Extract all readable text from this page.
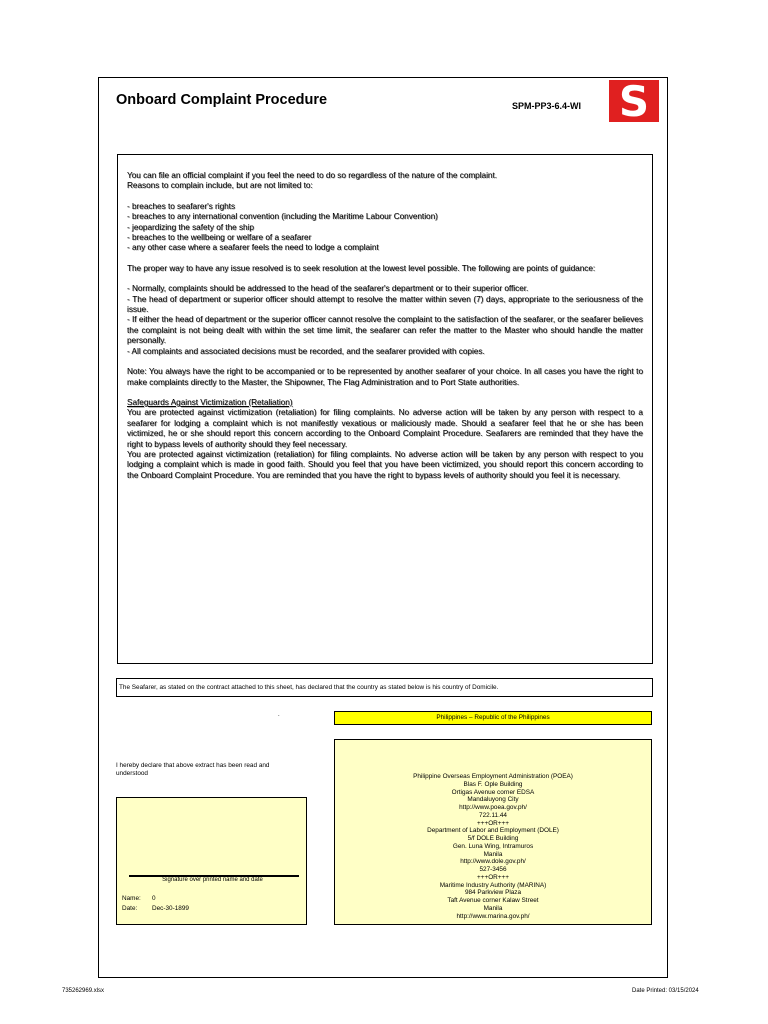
Onboard Complaint Procedure	SPM-PP3-6.4-WI S

You can file an official complaint if you feel the need to do so regardless of the nature of the complaint.

Reasons to complain include, but are not limited to:

- breaches to seafarer's rights

- breaches to any international convention (including the Maritime Labour Convention)

- jeopardizing the safety of the ship

- breaches to the wellbeing or welfare of a seafarer

- any other case where a seafarer feels the need to lodge a complaint

The proper way to have any issue resolved is to seek resolution at the lowest level possible. The following are points of guidance:

- Normally, complaints should be addressed to the head of the seafarer's department or to their superior officer.

- The head of department or superior officer should attempt to resolve the matter within seven (7) days, appropriate to the seriousness of the issue.

- If either the head of department or the superior officer cannot resolve the complaint to the satisfaction of the seafarer, or the seafarer believes the complaint is not being dealt with within the set time limit, the seafarer can refer the matter to the Master who should handle the matter personally.

- All complaints and associated decisions must be recorded, and the seafarer provided with copies.

Note: You always have the right to be accompanied or to be represented by another seafarer of your choice. In all cases you have the right to make complaints directly to the Master, the Shipowner, The Flag Administration and to Port State authorities.

Safeguards Against Victimization (Retaliation)

You are protected against victimization (retaliation) for filing complaints. No adverse action will be taken by any person with respect to a seafarer for lodging a complaint which is not manifestly vexatious or maliciously made. Should a seafarer feel that he or she has been victimized, he or she should report this concern according to the Onboard Complaint Procedure. Seafarers are reminded that they have the right to bypass levels of authority should they feel necessary.

You are protected against victimization (retaliation) for filing complaints. No adverse action will be taken by any person with respect to you lodging a complaint which is made in good faith. Should you feel that you have been victimized, you should report this concern according to the Onboard Complaint Procedure. You are reminded that you have the right to bypass levels of authority should you feel it is necessary.

The Seafarer, as stated on the contract attached to this sheet, has declared that the country as stated below is his country of Domicile.
.	Philippines – Republic of the Philippines
I hereby declare that above extract has been read and understood
Signature over printed name and date
Name: 0
Date: Dec-30-1899
Philippine Overseas Employment Administration (POEA)
Blas F. Ople Building
Ortigas Avenue corner EDSA
Mandaluyong City
http://www.poea.gov.ph/
722.11.44
+++OR+++
Department of Labor and Employment (DOLE)
5/f DOLE Building
Gen. Luna Wing, Intramuros
Manila
http://www.dole.gov.ph/
527-3456
+++OR+++
Maritime Industry Authority (MARINA)
984 Parkview Plaza
Taft Avenue corner Kalaw Street
Manila
http://www.marina.gov.ph/
735262969.xlsx	Date Printed: 03/15/2024
